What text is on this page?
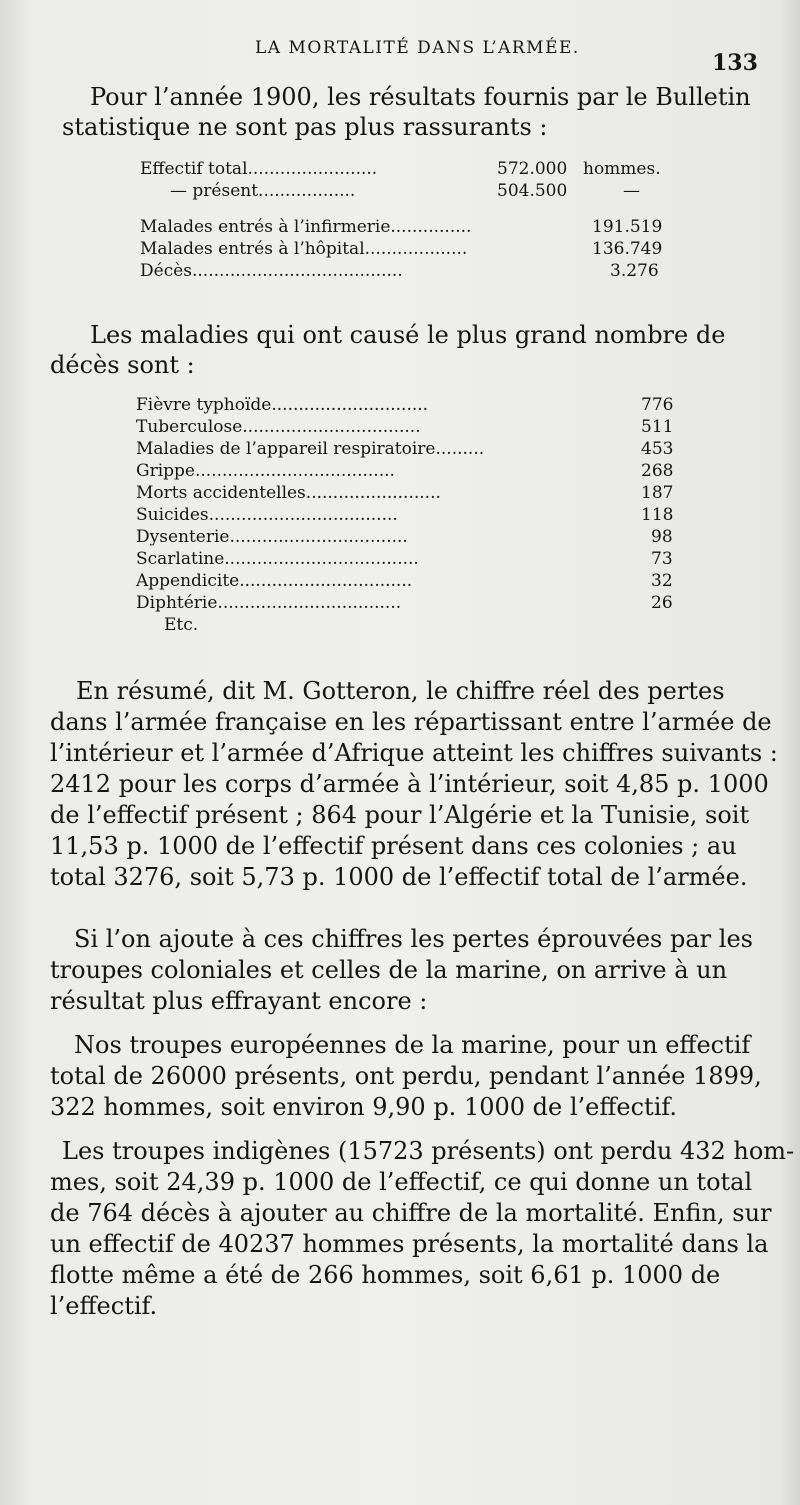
LA MORTALITÉ DANS L’ARMÉE.
133
Pour l’année 1900, les résultats fournis par le Bulletin
statistique ne sont pas plus rassurants :
Effectif total........................	572.000 hommes.
— présent..................	504.500	—
Malades entrés à l’infirmerie...............	191.519
Malades entrés à l’hôpital...................	136.749
Décès.......................................	3.276
Les maladies qui ont causé le plus grand nombre de
décès sont :
Fièvre typhoïde.............................	776
Tuberculose.................................	511
Maladies de l’appareil respiratoire.........	453
Grippe.....................................	268
Morts accidentelles.........................	187
Suicides...................................	118
Dysenterie.................................	98
Scarlatine....................................	73
Appendicite................................	32
Diphtérie..................................	26
Etc.
En résumé, dit M. Gotteron, le chiffre réel des pertes
dans l’armée française en les répartissant entre l’armée de
l’intérieur et l’armée d’Afrique atteint les chiffres suivants :
2412 pour les corps d’armée à l’intérieur, soit 4,85 p. 1000
de l’effectif présent ; 864 pour l’Algérie et la Tunisie, soit
11,53 p. 1000 de l’effectif présent dans ces colonies ; au
total 3276, soit 5,73 p. 1000 de l’effectif total de l’armée.
Si l’on ajoute à ces chiffres les pertes éprouvées par les
troupes coloniales et celles de la marine, on arrive à un
résultat plus effrayant encore :
Nos troupes européennes de la marine, pour un effectif
total de 26000 présents, ont perdu, pendant l’année 1899,
322 hommes, soit environ 9,90 p. 1000 de l’effectif.
Les troupes indigènes (15723 présents) ont perdu 432 hom-
mes, soit 24,39 p. 1000 de l’effectif, ce qui donne un total
de 764 décès à ajouter au chiffre de la mortalité. Enfin, sur
un effectif de 40237 hommes présents, la mortalité dans la
flotte même a été de 266 hommes, soit 6,61 p. 1000 de
l’effectif.
